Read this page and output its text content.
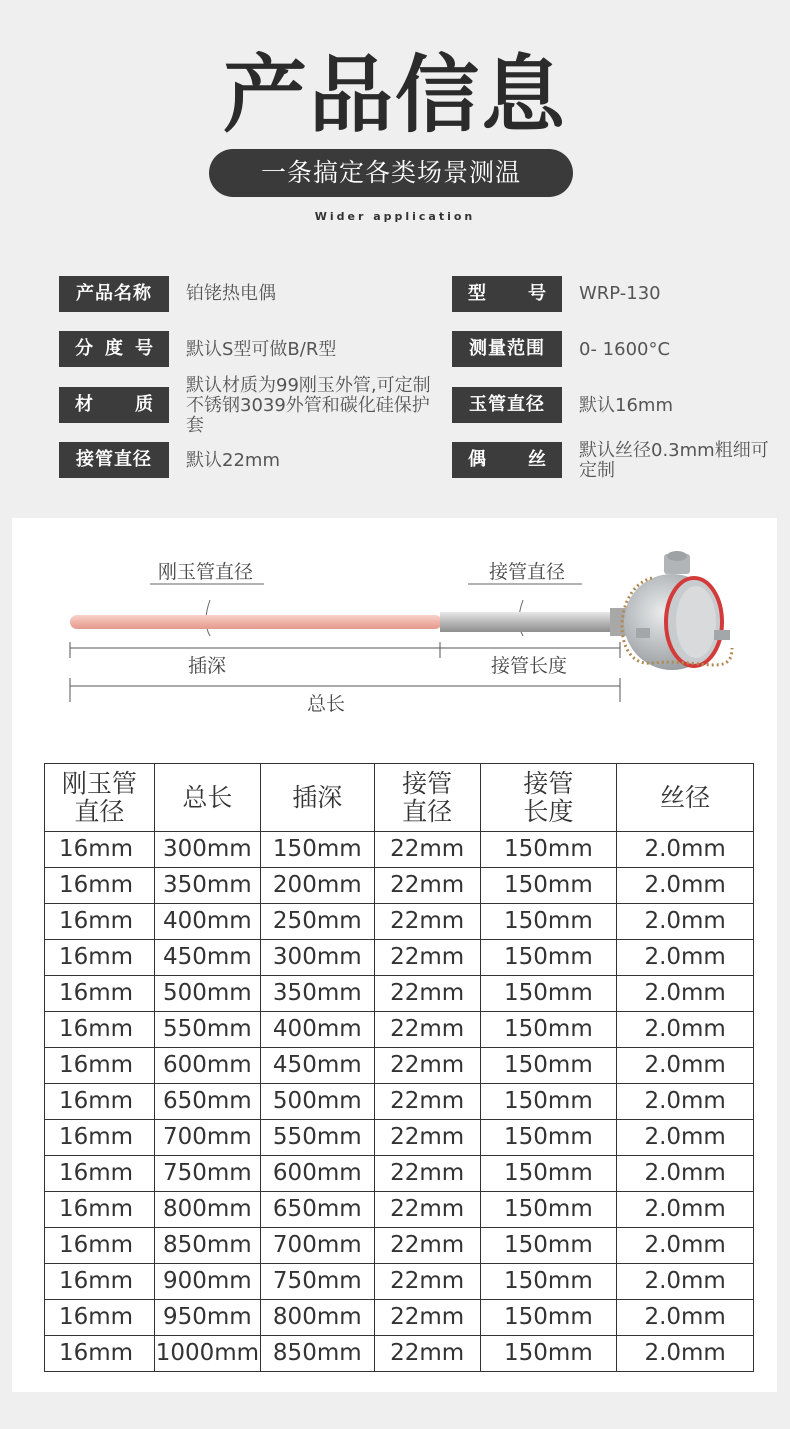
产品信息
一条搞定各类场景测温
Wider application
产品名称	铂铑热电偶
分 度 号 默认S型可做B/R型
材 质
默认材质为99刚玉外管,可定制不锈钢3039外管和碳化硅保护套
接管直径	默认22mm
型 号 WRP-130
测量范围	0- 1600°C
玉管直径	默认16mm
偶 丝 默认丝径0.3mm粗细可定制
刚玉管直径	接管直径
插深	接管长度
总长
刚玉管直径	总长	插深	接管直径	接管长度	丝径
16mm	300mm	150mm	22mm	150mm	2.0mm
16mm	350mm	200mm	22mm	150mm	2.0mm
16mm	400mm	250mm	22mm	150mm	2.0mm
16mm	450mm	300mm	22mm	150mm	2.0mm
16mm	500mm	350mm	22mm	150mm	2.0mm
16mm	550mm	400mm	22mm	150mm	2.0mm
16mm	600mm	450mm	22mm	150mm	2.0mm
16mm	650mm	500mm	22mm	150mm	2.0mm
16mm	700mm	550mm	22mm	150mm	2.0mm
16mm	750mm	600mm	22mm	150mm	2.0mm
16mm	800mm	650mm	22mm	150mm	2.0mm
16mm	850mm	700mm	22mm	150mm	2.0mm
16mm	900mm	750mm	22mm	150mm	2.0mm
16mm	950mm	800mm	22mm	150mm	2.0mm
16mm	1000mm	850mm	22mm	150mm	2.0mm
